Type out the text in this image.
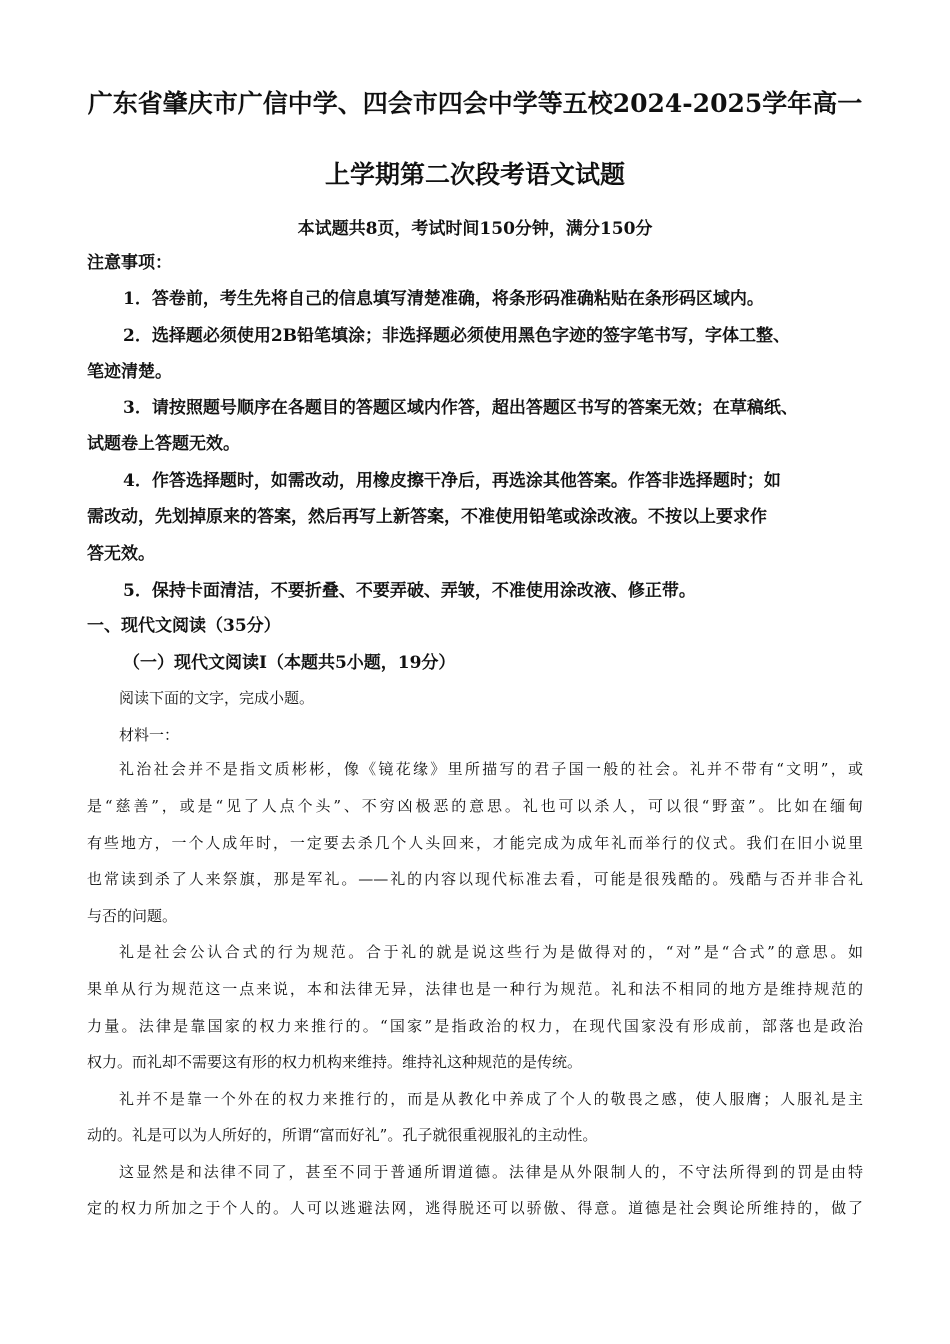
广东省肇庆市广信中学、四会市四会中学等五校2024-2025学年高一
上学期第二次段考语文试题
本试题共8页，考试时间150分钟，满分150分
注意事项：
1．答卷前，考生先将自己的信息填写清楚准确，将条形码准确粘贴在条形码区域内。
2．选择题必须使用2B铅笔填涂；非选择题必须使用黑色字迹的签字笔书写，字体工整、
笔迹清楚。
3．请按照题号顺序在各题目的答题区域内作答，超出答题区书写的答案无效；在草稿纸、
试题卷上答题无效。
4．作答选择题时，如需改动，用橡皮擦干净后，再选涂其他答案。作答非选择题时；如
需改动，先划掉原来的答案，然后再写上新答案，不准使用铅笔或涂改液。不按以上要求作
答无效。
5．保持卡面清洁，不要折叠、不要弄破、弄皱，不准使用涂改液、修正带。
一、现代文阅读（35分）
（一）现代文阅读Ⅰ（本题共5小题，19分）
阅读下面的文字，完成小题。
材料一：
礼治社会并不是指文质彬彬，像《镜花缘》里所描写的君子国一般的社会。礼并不带有“文明”，或
是“慈善”，或是“见了人点个头”、不穷凶极恶的意思。礼也可以杀人，可以很“野蛮”。比如在缅甸
有些地方，一个人成年时，一定要去杀几个人头回来，才能完成为成年礼而举行的仪式。我们在旧小说里
也常读到杀了人来祭旗，那是军礼。——礼的内容以现代标准去看，可能是很残酷的。残酷与否并非合礼
与否的问题。
礼是社会公认合式的行为规范。合于礼的就是说这些行为是做得对的，“对”是“合式”的意思。如
果单从行为规范这一点来说，本和法律无异，法律也是一种行为规范。礼和法不相同的地方是维持规范的
力量。法律是靠国家的权力来推行的。“国家”是指政治的权力，在现代国家没有形成前，部落也是政治
权力。而礼却不需要这有形的权力机构来维持。维持礼这种规范的是传统。
礼并不是靠一个外在的权力来推行的，而是从教化中养成了个人的敬畏之感，使人服膺；人服礼是主
动的。礼是可以为人所好的，所谓“富而好礼”。孔子就很重视服礼的主动性。
这显然是和法律不同了，甚至不同于普通所谓道德。法律是从外限制人的，不守法所得到的罚是由特
定的权力所加之于个人的。人可以逃避法网，逃得脱还可以骄傲、得意。道德是社会舆论所维持的，做了
